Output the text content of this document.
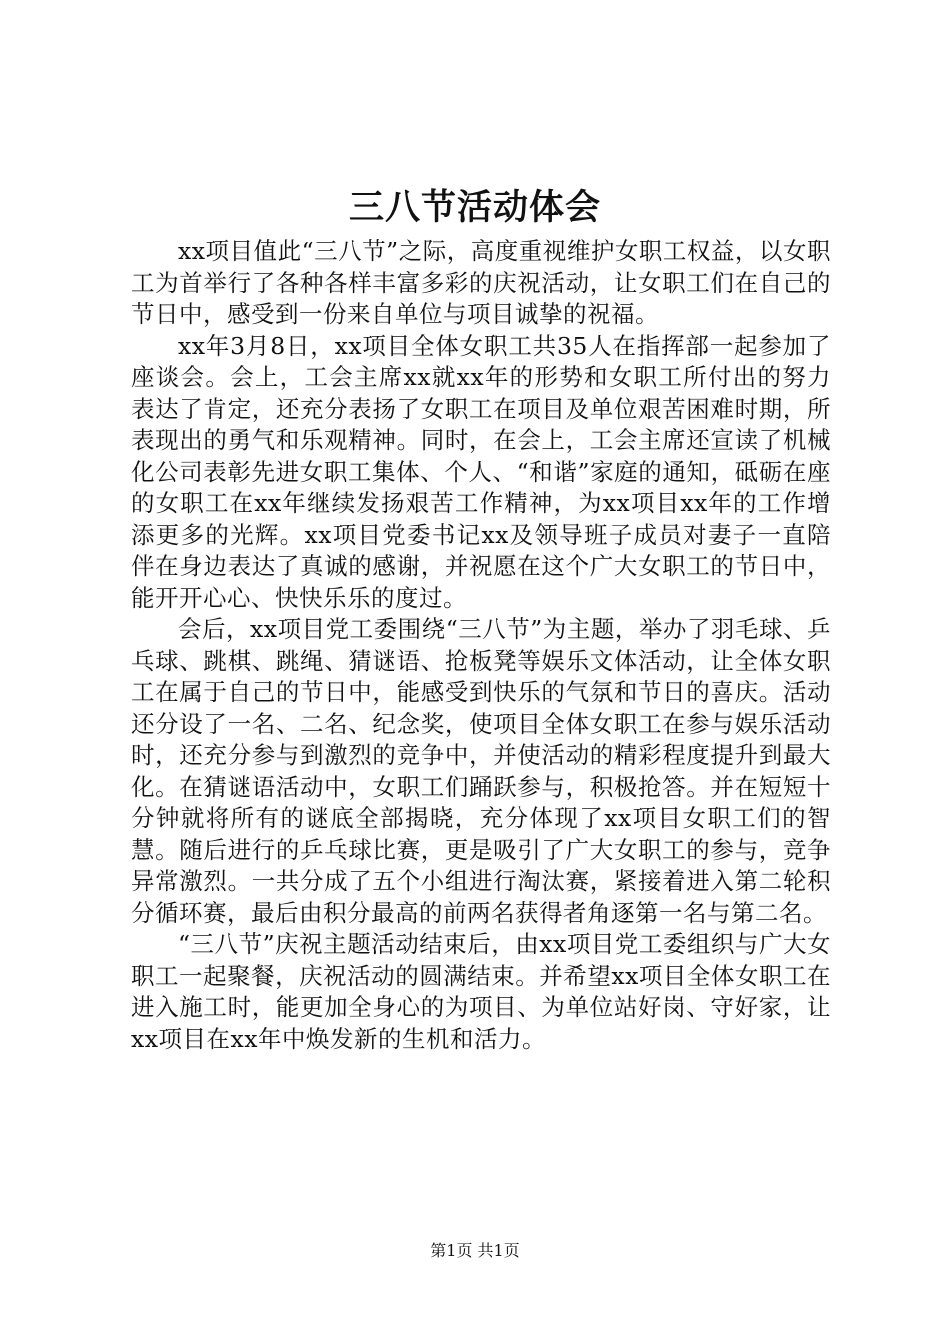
三八节活动体会

xx项目值此“三八节”之际，高度重视维护女职工权益，以女职工为首举行了各种各样丰富多彩的庆祝活动，让女职工们在自己的节日中，感受到一份来自单位与项目诚挚的祝福。

xx年3月8日，xx项目全体女职工共35人在指挥部一起参加了座谈会。会上，工会主席xx就xx年的形势和女职工所付出的努力表达了肯定，还充分表扬了女职工在项目及单位艰苦困难时期，所表现出的勇气和乐观精神。同时，在会上，工会主席还宣读了机械化公司表彰先进女职工集体、个人、“和谐”家庭的通知，砥砺在座的女职工在xx年继续发扬艰苦工作精神，为xx项目xx年的工作增添更多的光辉。xx项目党委书记xx及领导班子成员对妻子一直陪伴在身边表达了真诚的感谢，并祝愿在这个广大女职工的节日中，能开开心心、快快乐乐的度过。

会后，xx项目党工委围绕“三八节”为主题，举办了羽毛球、乒乓球、跳棋、跳绳、猜谜语、抢板凳等娱乐文体活动，让全体女职工在属于自己的节日中，能感受到快乐的气氛和节日的喜庆。活动还分设了一名、二名、纪念奖，使项目全体女职工在参与娱乐活动时，还充分参与到激烈的竞争中，并使活动的精彩程度提升到最大化。在猜谜语活动中，女职工们踊跃参与，积极抢答。并在短短十分钟就将所有的谜底全部揭晓，充分体现了xx项目女职工们的智慧。随后进行的乒乓球比赛，更是吸引了广大女职工的参与，竞争异常激烈。一共分成了五个小组进行淘汰赛，紧接着进入第二轮积分循环赛，最后由积分最高的前两名获得者角逐第一名与第二名。

“三八节”庆祝主题活动结束后，由xx项目党工委组织与广大女职工一起聚餐，庆祝活动的圆满结束。并希望xx项目全体女职工在进入施工时，能更加全身心的为项目、为单位站好岗、守好家，让xx项目在xx年中焕发新的生机和活力。

第1页 共1页
